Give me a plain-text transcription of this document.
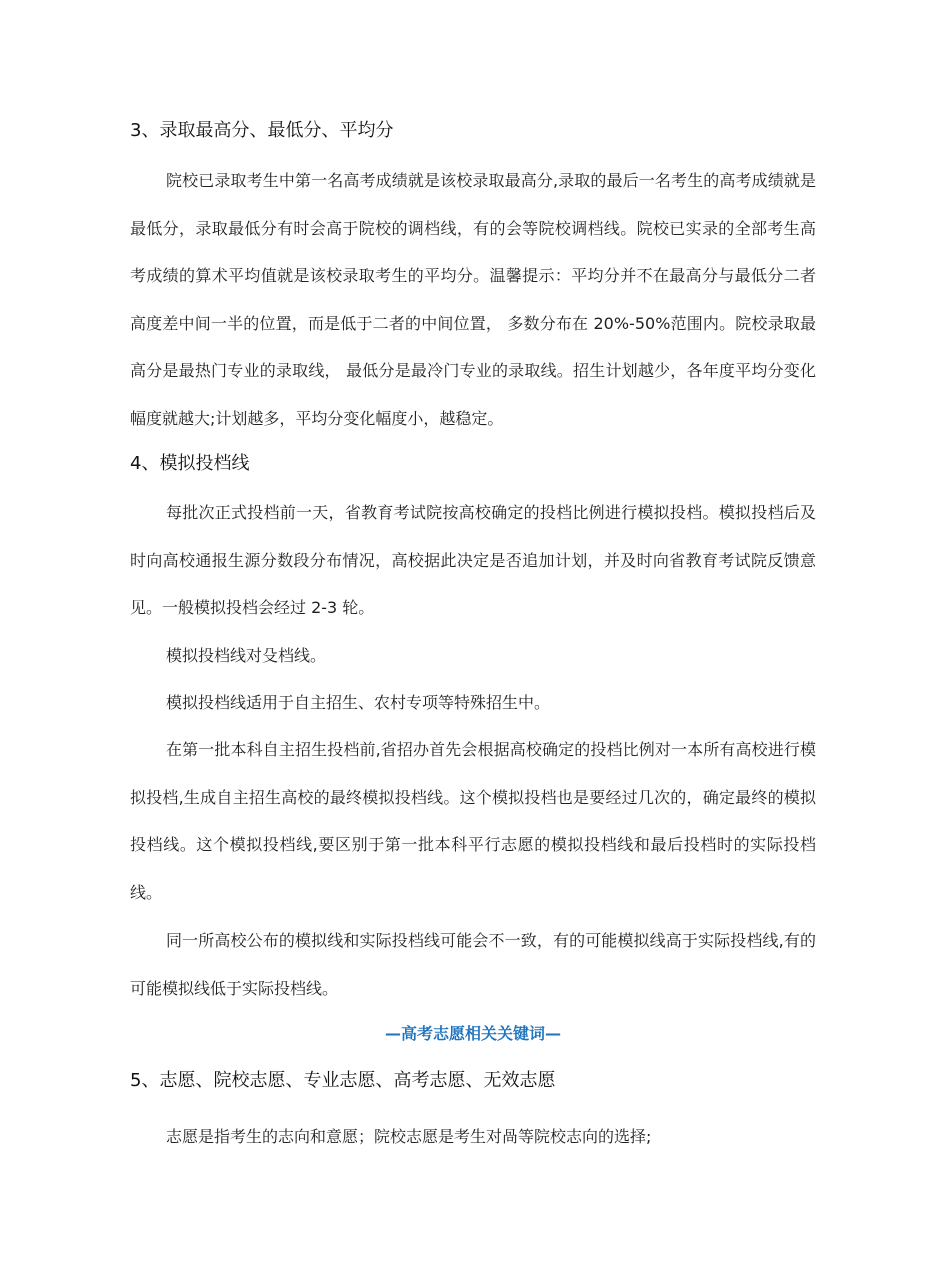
3、录取最高分、最低分、平均分

院校已录取考生中第一名高考成绩就是该校录取最高分,录取的最后一名考生的高考成绩就是最低分，录取最低分有时会高于院校的调档线，有的会等院校调档线。院校已实录的全部考生高考成绩的算术平均值就是该校录取考生的平均分。温馨提示：平均分并不在最高分与最低分二者高度差中间一半的位置，而是低于二者的中间位置， 多数分布在 20%-50%范围内。院校录取最高分是最热门专业的录取线， 最低分是最冷门专业的录取线。招生计划越少，各年度平均分变化幅度就越大;计划越多，平均分变化幅度小，越稳定。

4、模拟投档线

每批次正式投档前一天，省教育考试院按高校确定的投档比例进行模拟投档。模拟投档后及时向高校通报生源分数段分布情况，高校据此决定是否追加计划，并及时向省教育考试院反馈意见。一般模拟投档会经过 2-3 轮。

模拟投档线对殳档线。

模拟投档线适用于自主招生、农村专项等特殊招生中。

在第一批本科自主招生投档前,省招办首先会根据高校确定的投档比例对一本所有高校进行模拟投档,生成自主招生高校的最终模拟投档线。这个模拟投档也是要经过几次的，确定最终的模拟投档线。这个模拟投档线,要区别于第一批本科平行志愿的模拟投档线和最后投档时的实际投档线。

同一所高校公布的模拟线和实际投档线可能会不一致，有的可能模拟线高于实际投档线,有的可能模拟线低于实际投档线。

—高考志愿相关关键词—
5、志愿、院校志愿、专业志愿、高考志愿、无效志愿

志愿是指考生的志向和意愿；院校志愿是考生对咼等院校志向的选择;
